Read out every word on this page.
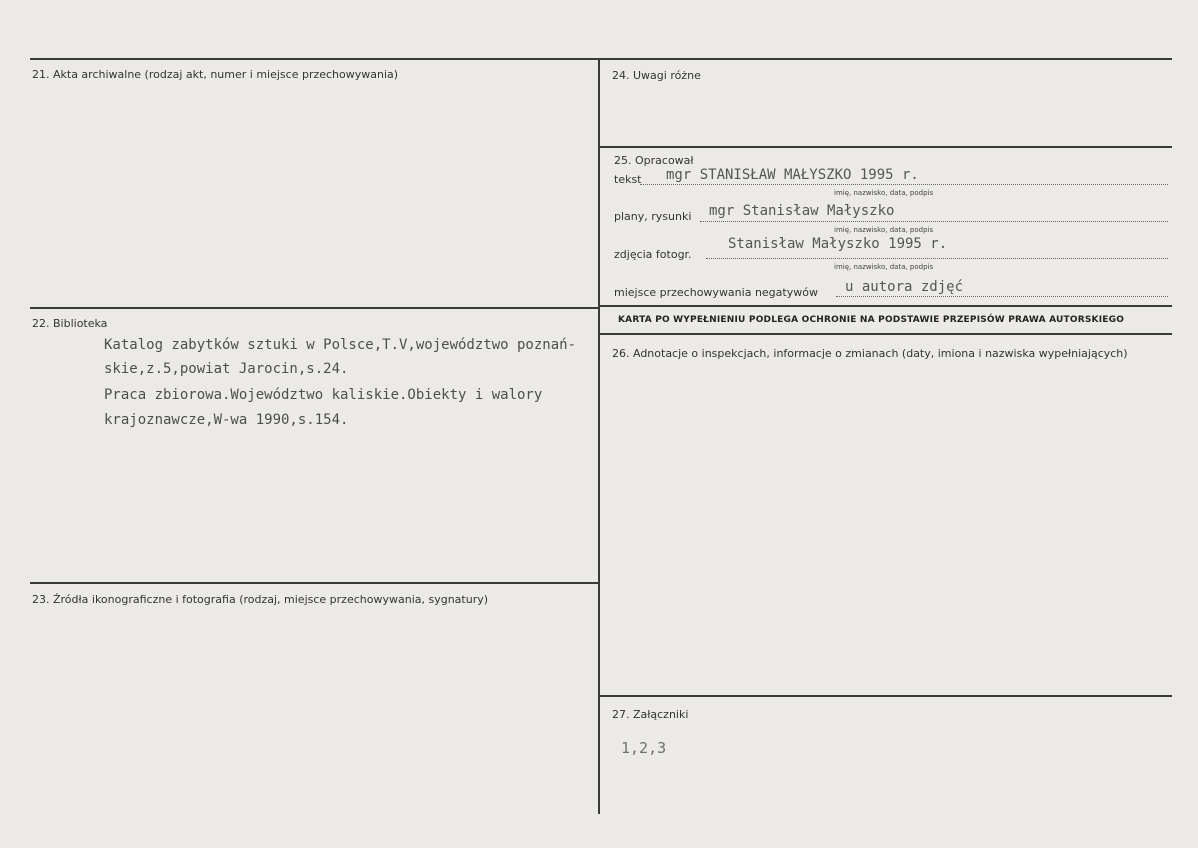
21. Akta archiwalne (rodzaj akt, numer i miejsce przechowywania)
22. Biblioteka
Katalog zabytków sztuki w Polsce,T.V,województwo poznań-
skie,z.5,powiat Jarocin,s.24.
Praca zbiorowa.Województwo kaliskie.Obiekty i walory
krajoznawcze,W-wa 1990,s.154.
23. Źródła ikonograficzne i fotografia (rodzaj, miejsce przechowywania, sygnatury)
24. Uwagi różne
25. Opracował
tekst mgr STANISŁAW MAŁYSZKO 1995 r.
imię, nazwisko, data, podpis
plany, rysunki mgr Stanisław Małyszko
imię, nazwisko, data, podpis
zdjęcia fotogr.
Stanisław Małyszko 1995 r.
imię, nazwisko, data, podpis
miejsce przechowywania negatywów u autora zdjęć
KARTA PO WYPEŁNIENIU PODLEGA OCHRONIE NA PODSTAWIE PRZEPISÓW PRAWA AUTORSKIEGO
26. Adnotacje o inspekcjach, informacje o zmianach (daty, imiona i nazwiska wypełniających)
27. Załączniki
1,2,3
